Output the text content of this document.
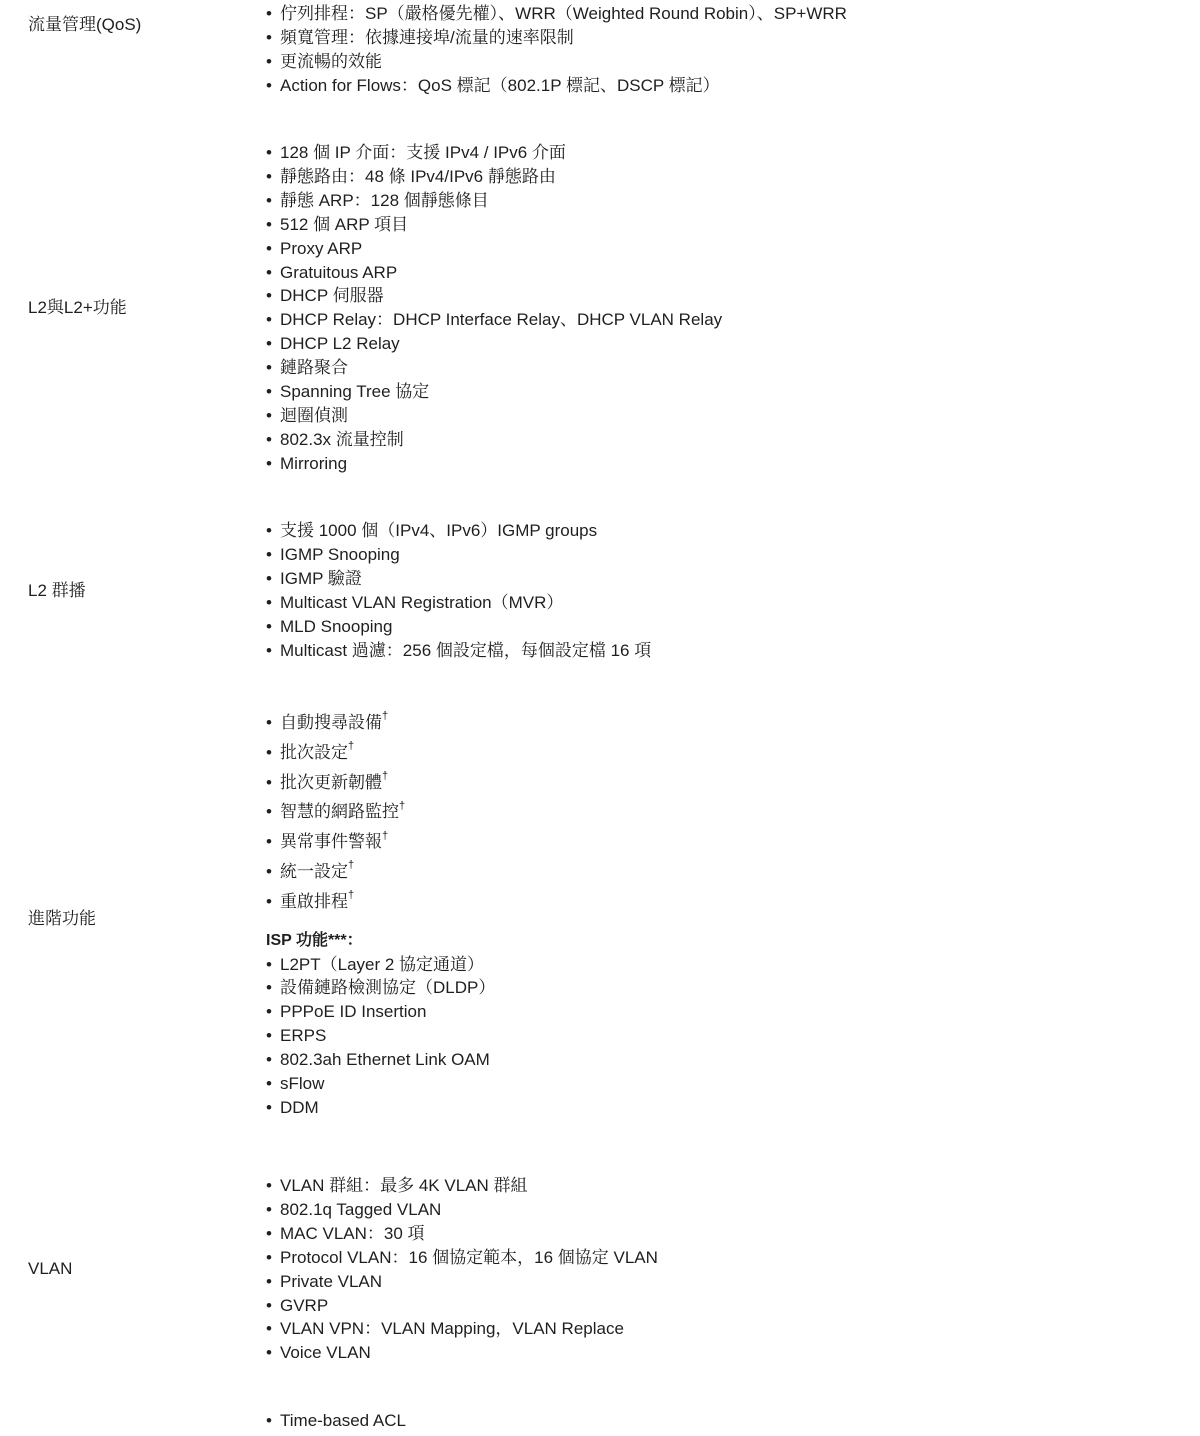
流量管理(QoS)
• 佇列排程：SP（嚴格優先權）、WRR（Weighted Round Robin）、SP+WRR
• 頻寬管理：依據連接埠/流量的速率限制
• 更流暢的效能
• Action for Flows：QoS 標記（802.1P 標記、DSCP 標記）
L2與L2+功能
• 128 個 IP 介面：支援 IPv4 / IPv6 介面
• 靜態路由：48 條 IPv4/IPv6 靜態路由
• 靜態 ARP：128 個靜態條目
• 512 個 ARP 項目
• Proxy ARP
• Gratuitous ARP
• DHCP 伺服器
• DHCP Relay：DHCP Interface Relay、DHCP VLAN Relay
• DHCP L2 Relay
• 鏈路聚合
• Spanning Tree 協定
• 迴圈偵測
• 802.3x 流量控制
• Mirroring
L2 群播
• 支援 1000 個（IPv4、IPv6）IGMP groups
• IGMP Snooping
• IGMP 驗證
• Multicast VLAN Registration（MVR）
• MLD Snooping
• Multicast 過濾：256 個設定檔，每個設定檔 16 項
進階功能
• 自動搜尋設備†
• 批次設定†
• 批次更新韌體†
• 智慧的網路監控†
• 異常事件警報†
• 統一設定†
• 重啟排程†
ISP 功能***：
• L2PT（Layer 2 協定通道）
• 設備鏈路檢測協定（DLDP）
• PPPoE ID Insertion
• ERPS
• 802.3ah Ethernet Link OAM
• sFlow
• DDM
VLAN
• VLAN 群組：最多 4K VLAN 群組
• 802.1q Tagged VLAN
• MAC VLAN：30 項
• Protocol VLAN：16 個協定範本，16 個協定 VLAN
• Private VLAN
• GVRP
• VLAN VPN：VLAN Mapping，VLAN Replace
• Voice VLAN
• Time-based ACL
